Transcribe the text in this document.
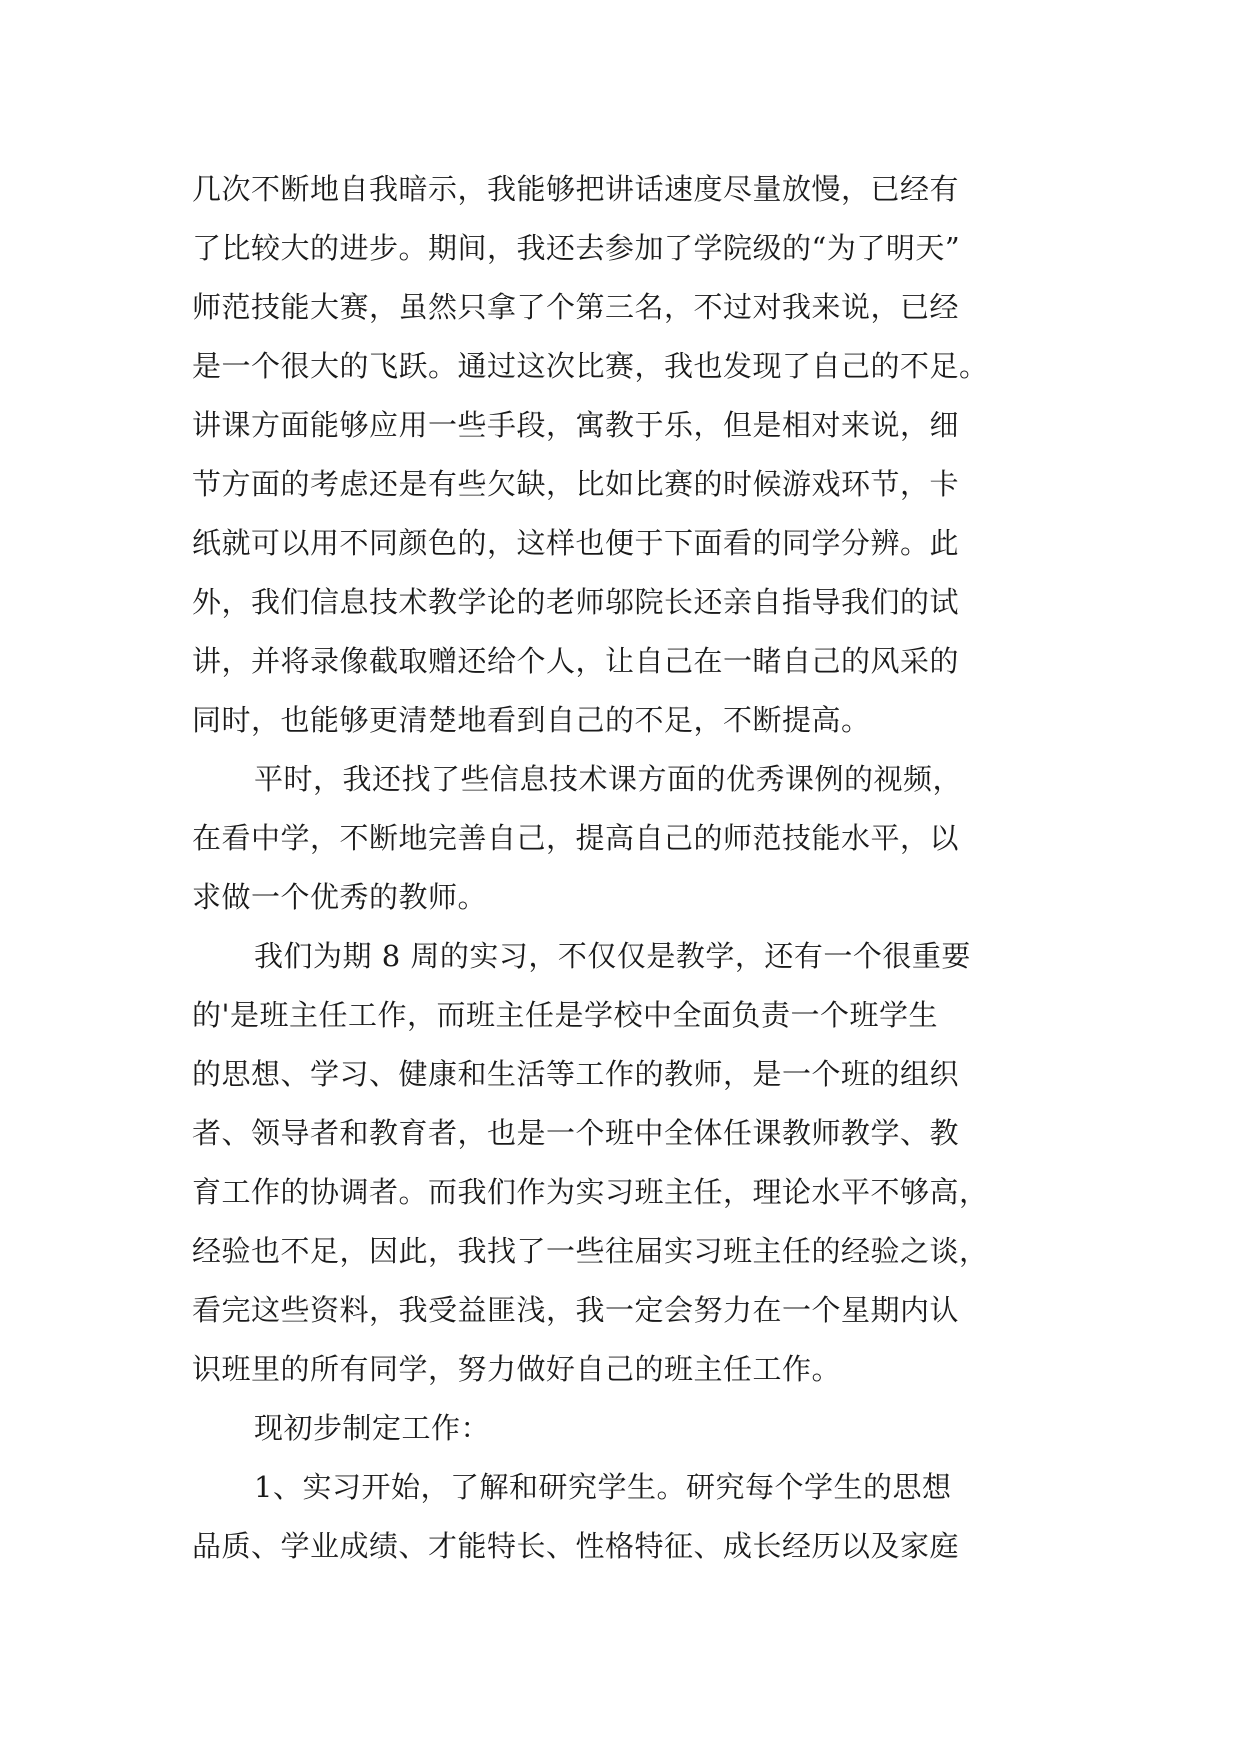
几次不断地自我暗示，我能够把讲话速度尽量放慢，已经有
了比较大的进步。期间，我还去参加了学院级的“为了明天”
师范技能大赛，虽然只拿了个第三名，不过对我来说，已经
是一个很大的飞跃。通过这次比赛，我也发现了自己的不足。
讲课方面能够应用一些手段，寓教于乐，但是相对来说，细
节方面的考虑还是有些欠缺，比如比赛的时候游戏环节，卡
纸就可以用不同颜色的，这样也便于下面看的同学分辨。此
外，我们信息技术教学论的老师邬院长还亲自指导我们的试
讲，并将录像截取赠还给个人，让自己在一睹自己的风采的
同时，也能够更清楚地看到自己的不足，不断提高。
平时，我还找了些信息技术课方面的优秀课例的视频，
在看中学，不断地完善自己，提高自己的师范技能水平，以
求做一个优秀的教师。
我们为期 8 周的实习，不仅仅是教学，还有一个很重要
的'是班主任工作，而班主任是学校中全面负责一个班学生
的思想、学习、健康和生活等工作的教师，是一个班的组织
者、领导者和教育者，也是一个班中全体任课教师教学、教
育工作的协调者。而我们作为实习班主任，理论水平不够高，
经验也不足，因此，我找了一些往届实习班主任的经验之谈，
看完这些资料，我受益匪浅，我一定会努力在一个星期内认
识班里的所有同学，努力做好自己的班主任工作。
现初步制定工作：
1、实习开始，了解和研究学生。研究每个学生的思想
品质、学业成绩、才能特长、性格特征、成长经历以及家庭
